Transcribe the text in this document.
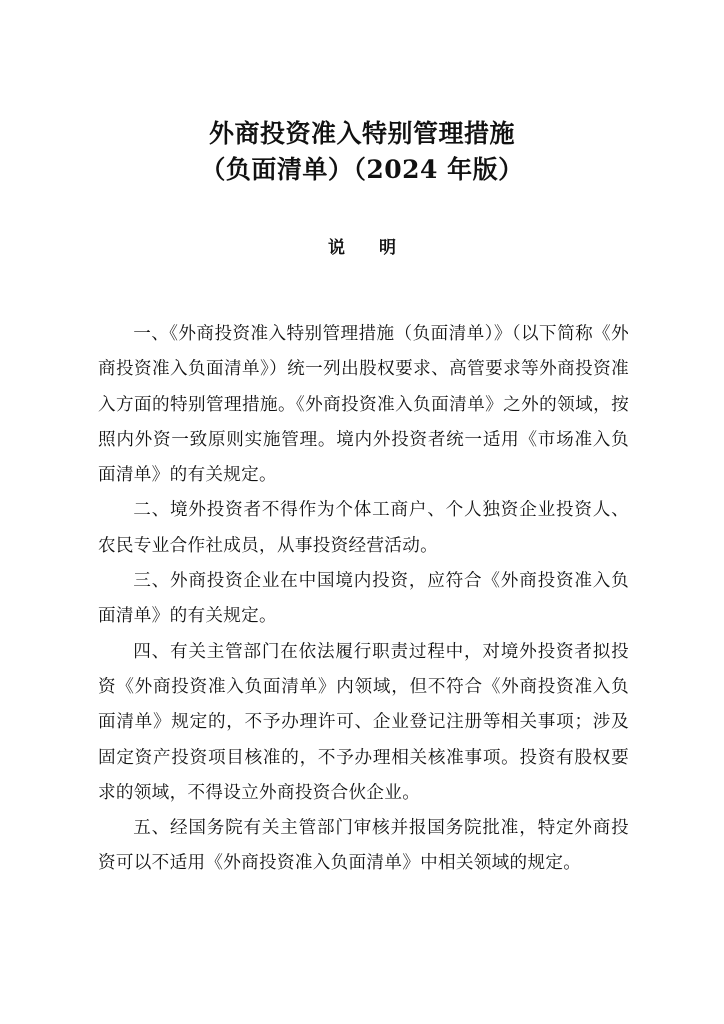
外商投资准入特别管理措施
（负面清单）（2024 年版）
说 明

一、《外商投资准入特别管理措施（负面清单）》（以下简称《外商投资准入负面清单》）统一列出股权要求、高管要求等外商投资准入方面的特别管理措施。《外商投资准入负面清单》之外的领域，按照内外资一致原则实施管理。境内外投资者统一适用《市场准入负面清单》的有关规定。

二、境外投资者不得作为个体工商户、个人独资企业投资人、农民专业合作社成员，从事投资经营活动。

三、外商投资企业在中国境内投资，应符合《外商投资准入负面清单》的有关规定。

四、有关主管部门在依法履行职责过程中，对境外投资者拟投资《外商投资准入负面清单》内领域，但不符合《外商投资准入负面清单》规定的，不予办理许可、企业登记注册等相关事项；涉及固定资产投资项目核准的，不予办理相关核准事项。投资有股权要求的领域，不得设立外商投资合伙企业。

五、经国务院有关主管部门审核并报国务院批准，特定外商投资可以不适用《外商投资准入负面清单》中相关领域的规定。
